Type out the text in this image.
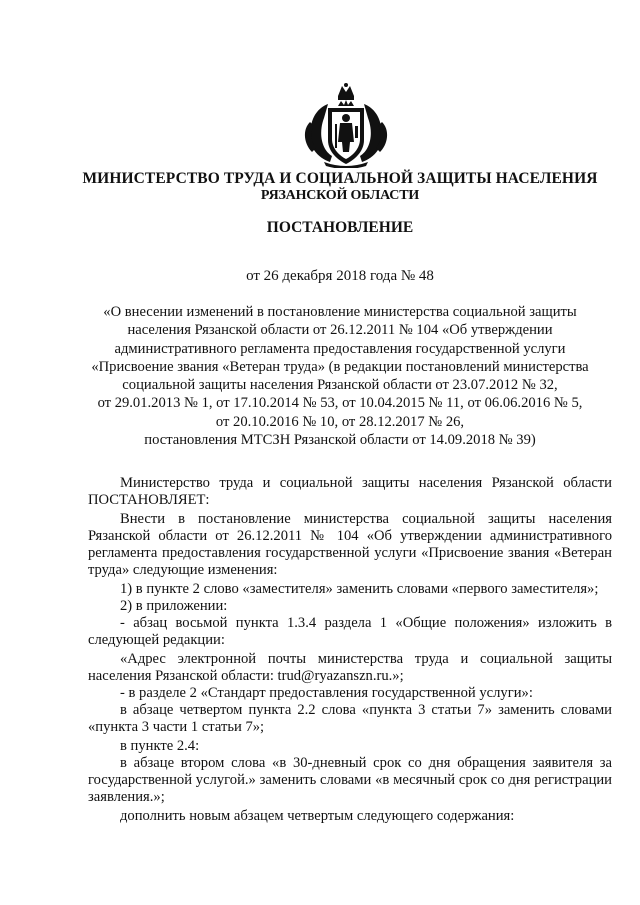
МИНИСТЕРСТВО ТРУДА И СОЦИАЛЬНОЙ ЗАЩИТЫ НАСЕЛЕНИЯ
РЯЗАНСКОЙ ОБЛАСТИ
ПОСТАНОВЛЕНИЕ
от 26 декабря 2018 года № 48
«О внесении изменений в постановление министерства социальной защиты
населения Рязанской области от 26.12.2011 № 104 «Об утверждении
административного регламента предоставления государственной услуги
«Присвоение звания «Ветеран труда» (в редакции постановлений министерства
социальной защиты населения Рязанской области от 23.07.2012 № 32,
от 29.01.2013 № 1, от 17.10.2014 № 53, от 10.04.2015 № 11, от 06.06.2016 № 5,
от 20.10.2016 № 10, от 28.12.2017 № 26,
постановления МТСЗН Рязанской области от 14.09.2018 № 39)

Министерство труда и социальной защиты населения Рязанской области ПОСТАНОВЛЯЕТ:

Внести в постановление министерства социальной защиты населения Рязанской области от 26.12.2011 № 104 «Об утверждении административного регламента предоставления государственной услуги «Присвоение звания «Ветеран труда» следующие изменения:

1) в пункте 2 слово «заместителя» заменить словами «первого заместителя»;

2) в приложении:

- абзац восьмой пункта 1.3.4 раздела 1 «Общие положения» изложить в следующей редакции:

«Адрес электронной почты министерства труда и социальной защиты населения Рязанской области: trud@ryazanszn.ru.»;

- в разделе 2 «Стандарт предоставления государственной услуги»:

в абзаце четвертом пункта 2.2 слова «пункта 3 статьи 7» заменить словами «пункта 3 части 1 статьи 7»;

в пункте 2.4:

в абзаце втором слова «в 30-дневный срок со дня обращения заявителя за государственной услугой.» заменить словами «в месячный срок со дня регистрации заявления.»;

дополнить новым абзацем четвертым следующего содержания:
